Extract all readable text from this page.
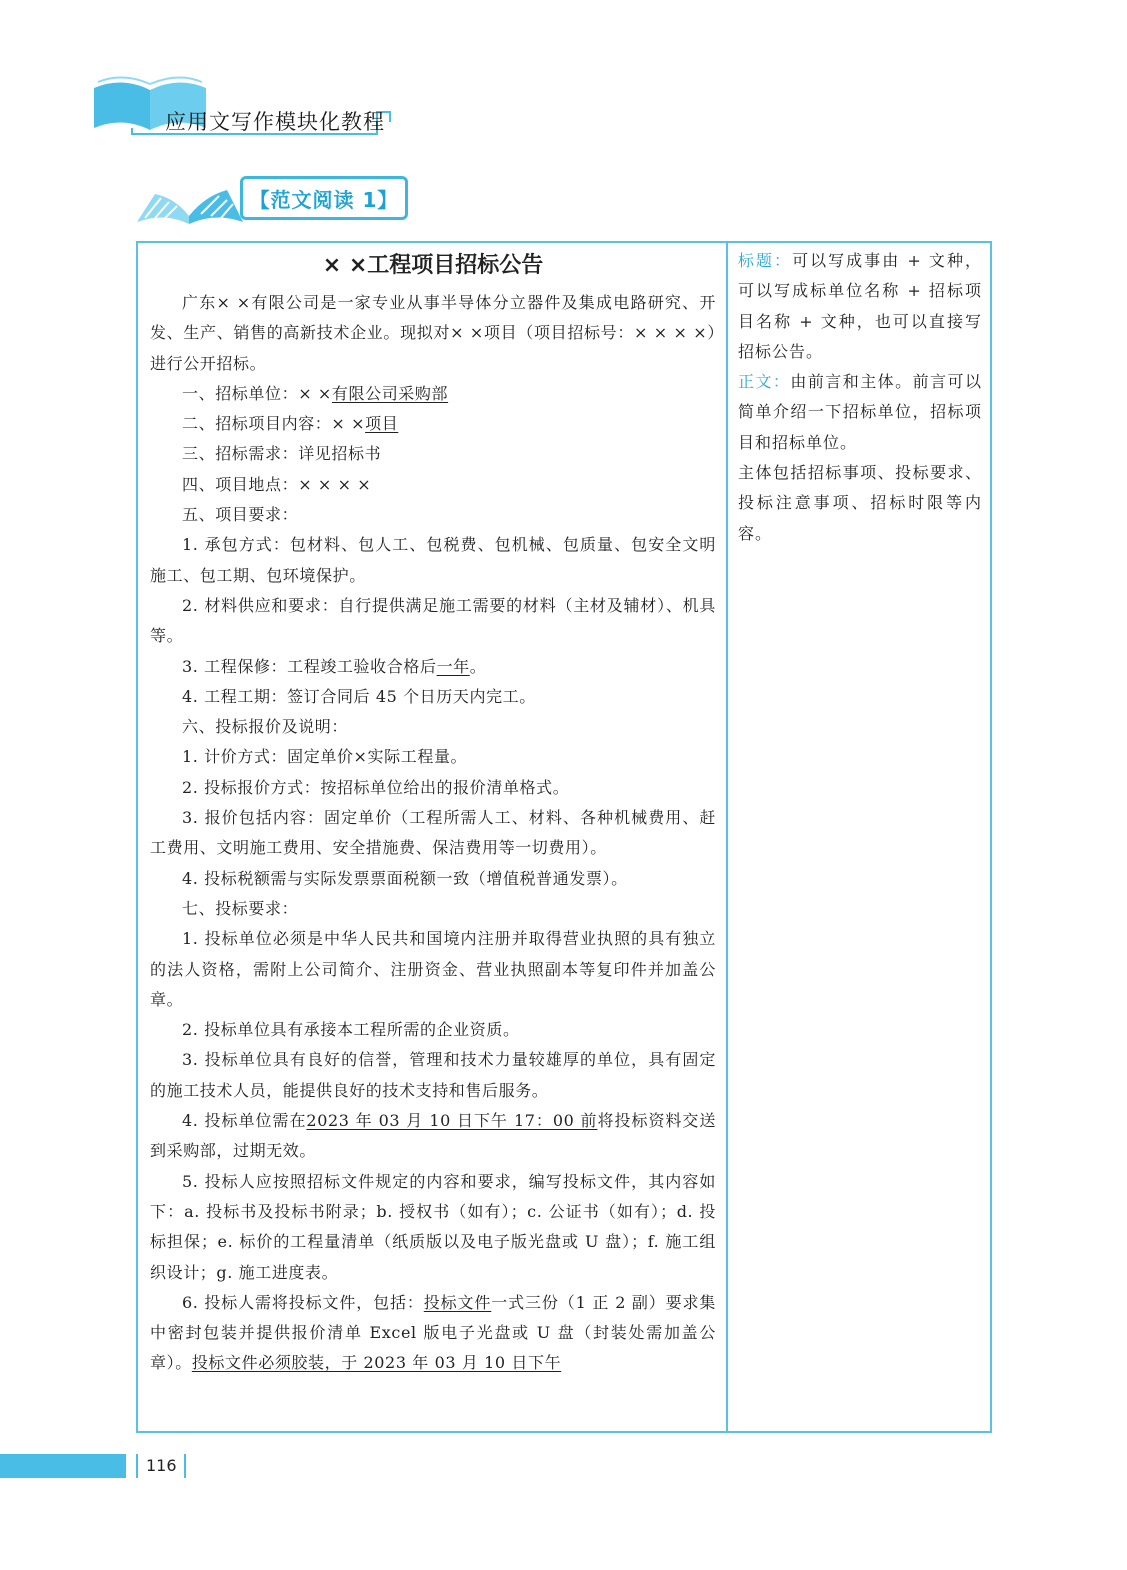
应用文写作模块化教程
【范文阅读 1】
× ×工程项目招标公告
广东× ×有限公司是一家专业从事半导体分立器件及集成电路研究、开发、生产、销售的高新技术企业。现拟对× ×项目（项目招标号：× × × ×）进行公开招标。
一、招标单位：× ×有限公司采购部
二、招标项目内容：× ×项目
三、招标需求：详见招标书
四、项目地点：× × × ×
五、项目要求：
1. 承包方式：包材料、包人工、包税费、包机械、包质量、包安全文明施工、包工期、包环境保护。
2. 材料供应和要求：自行提供满足施工需要的材料（主材及辅材）、机具等。
3. 工程保修：工程竣工验收合格后一年。
4. 工程工期：签订合同后 45 个日历天内完工。
六、投标报价及说明：
1. 计价方式：固定单价×实际工程量。
2. 投标报价方式：按招标单位给出的报价清单格式。
3. 报价包括内容：固定单价（工程所需人工、材料、各种机械费用、赶工费用、文明施工费用、安全措施费、保洁费用等一切费用）。
4. 投标税额需与实际发票票面税额一致（增值税普通发票）。
七、投标要求：
1. 投标单位必须是中华人民共和国境内注册并取得营业执照的具有独立的法人资格，需附上公司简介、注册资金、营业执照副本等复印件并加盖公章。
2. 投标单位具有承接本工程所需的企业资质。
3. 投标单位具有良好的信誉，管理和技术力量较雄厚的单位，具有固定的施工技术人员，能提供良好的技术支持和售后服务。
4. 投标单位需在2023 年 03 月 10 日下午 17：00 前将投标资料交送到采购部，过期无效。
5. 投标人应按照招标文件规定的内容和要求，编写投标文件，其内容如下：a. 投标书及投标书附录；b. 授权书（如有）；c. 公证书（如有）；d. 投标担保；e. 标价的工程量清单（纸质版以及电子版光盘或 U 盘）；f. 施工组织设计；g. 施工进度表。
6. 投标人需将投标文件，包括：投标文件一式三份（1 正 2 副）要求集中密封包装并提供报价清单 Excel 版电子光盘或 U 盘（封装处需加盖公章）。投标文件必须胶装，于 2023 年 03 月 10 日下午
标题：可以写成事由 + 文种，可以写成标单位名称 + 招标项目名称 + 文种，也可以直接写招标公告。
正文：由前言和主体。前言可以简单介绍一下招标单位，招标项目和招标单位。
主体包括招标事项、投标要求、投标注意事项、招标时限等内容。
116
